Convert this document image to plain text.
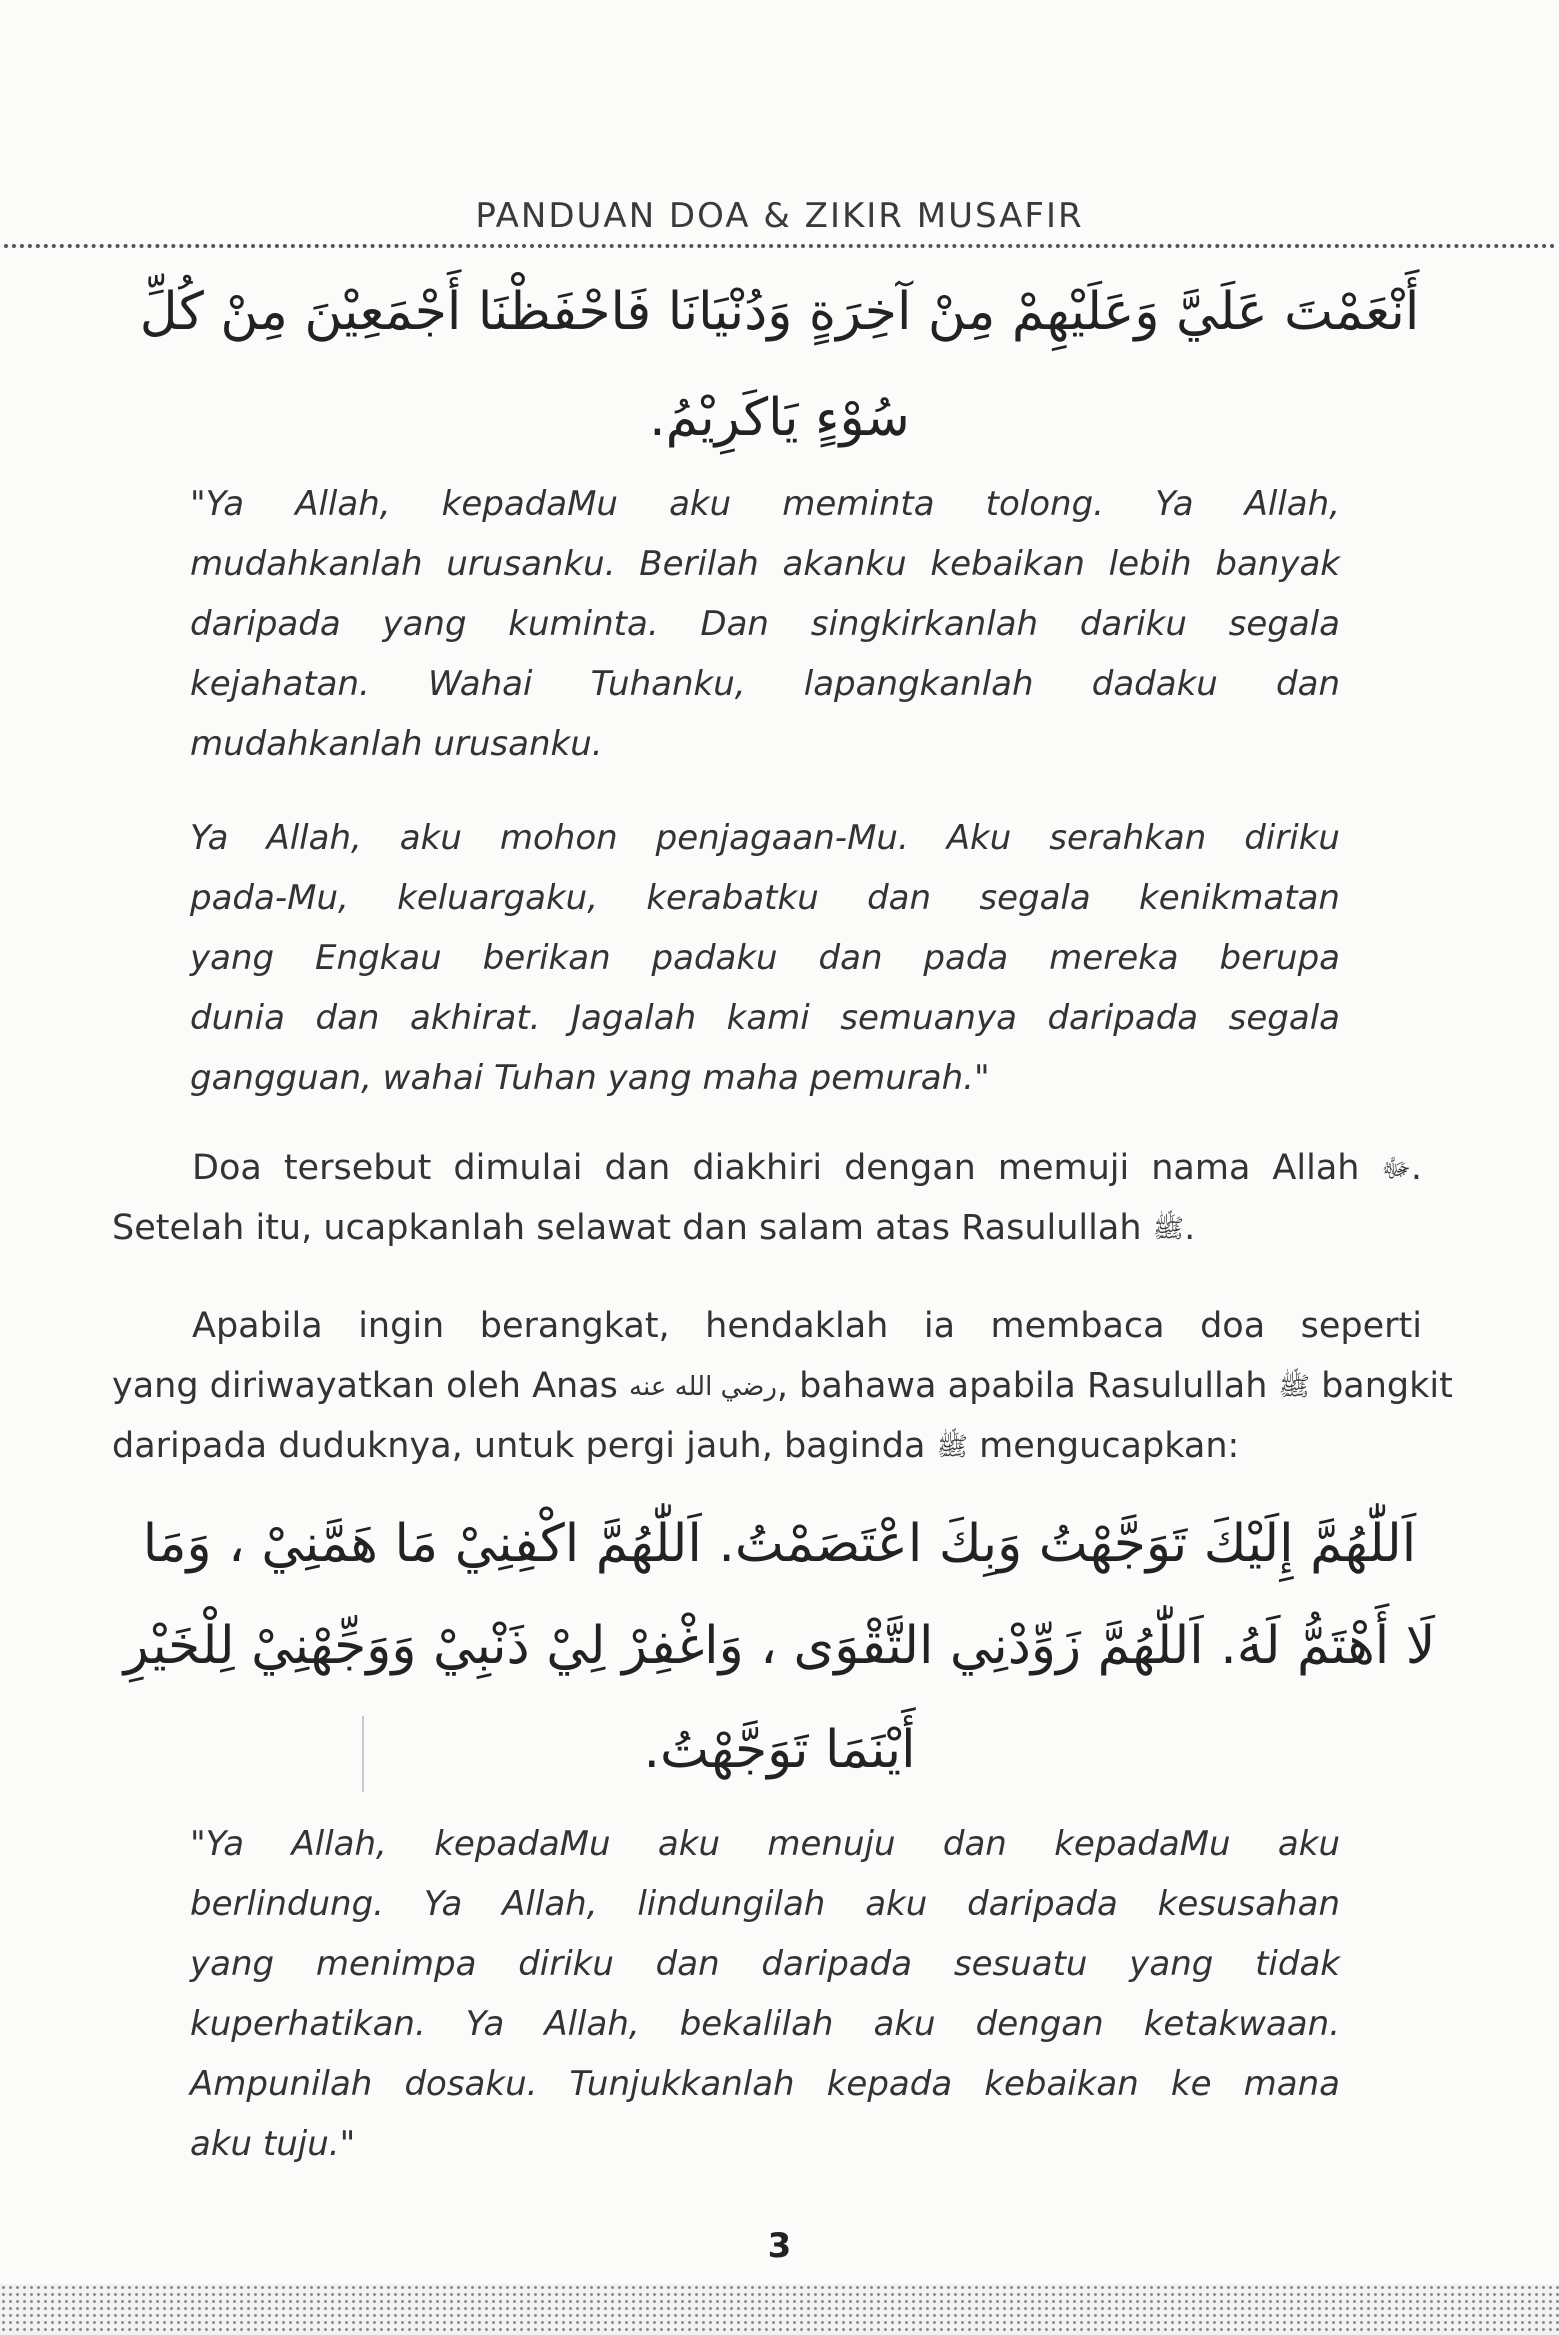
PANDUAN DOA & ZIKIR MUSAFIR
أَنْعَمْتَ عَلَيَّ وَعَلَيْهِمْ مِنْ آخِرَةٍ وَدُنْيَانَا فَاحْفَظْنَا أَجْمَعِيْنَ مِنْ كُلِّ
سُوْءٍ يَاكَرِيْمُ.
"Ya Allah, kepadaMu aku meminta tolong. Ya Allah,
mudahkanlah urusanku. Berilah akanku kebaikan lebih banyak
daripada yang kuminta. Dan singkirkanlah dariku segala
kejahatan. Wahai Tuhanku, lapangkanlah dadaku dan
mudahkanlah urusanku.
Ya Allah, aku mohon penjagaan-Mu. Aku serahkan diriku
pada-Mu, keluargaku, kerabatku dan segala kenikmatan
yang Engkau berikan padaku dan pada mereka berupa
dunia dan akhirat. Jagalah kami semuanya daripada segala
gangguan, wahai Tuhan yang maha pemurah."
Doa tersebut dimulai dan diakhiri dengan memuji nama Allah ﷻ.
Setelah itu, ucapkanlah selawat dan salam atas Rasulullah ﷺ.
Apabila ingin berangkat, hendaklah ia membaca doa seperti
yang diriwayatkan oleh Anas رضي الله عنه, bahawa apabila Rasulullah ﷺ bangkit
daripada duduknya, untuk pergi jauh, baginda ﷺ mengucapkan:
اَللّٰهُمَّ إِلَيْكَ تَوَجَّهْتُ وَبِكَ اعْتَصَمْتُ. اَللّٰهُمَّ اكْفِنِيْ مَا هَمَّنِيْ ، وَمَا
لَا أَهْتَمُّ لَهُ. اَللّٰهُمَّ زَوِّدْنِي التَّقْوَى ، وَاغْفِرْ لِيْ ذَنْبِيْ وَوَجِّهْنِيْ لِلْخَيْرِ
أَيْنَمَا تَوَجَّهْتُ.
"Ya Allah, kepadaMu aku menuju dan kepadaMu aku
berlindung. Ya Allah, lindungilah aku daripada kesusahan
yang menimpa diriku dan daripada sesuatu yang tidak
kuperhatikan. Ya Allah, bekalilah aku dengan ketakwaan.
Ampunilah dosaku. Tunjukkanlah kepada kebaikan ke mana
aku tuju."
3
